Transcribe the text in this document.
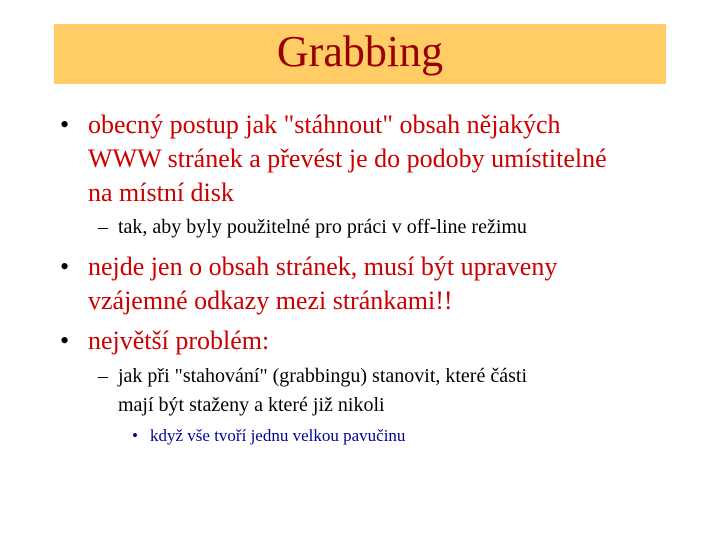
Grabbing
• obecný postup jak "stáhnout" obsah nějakých
WWW stránek a převést je do podoby umístitelné
na místní disk
– tak, aby byly použitelné pro práci v off-line režimu
• nejde jen o obsah stránek, musí být upraveny
vzájemné odkazy mezi stránkami!!
• největší problém:
– jak při "stahování" (grabbingu) stanovit, které části
mají být staženy a které již nikoli
• když vše tvoří jednu velkou pavučinu
